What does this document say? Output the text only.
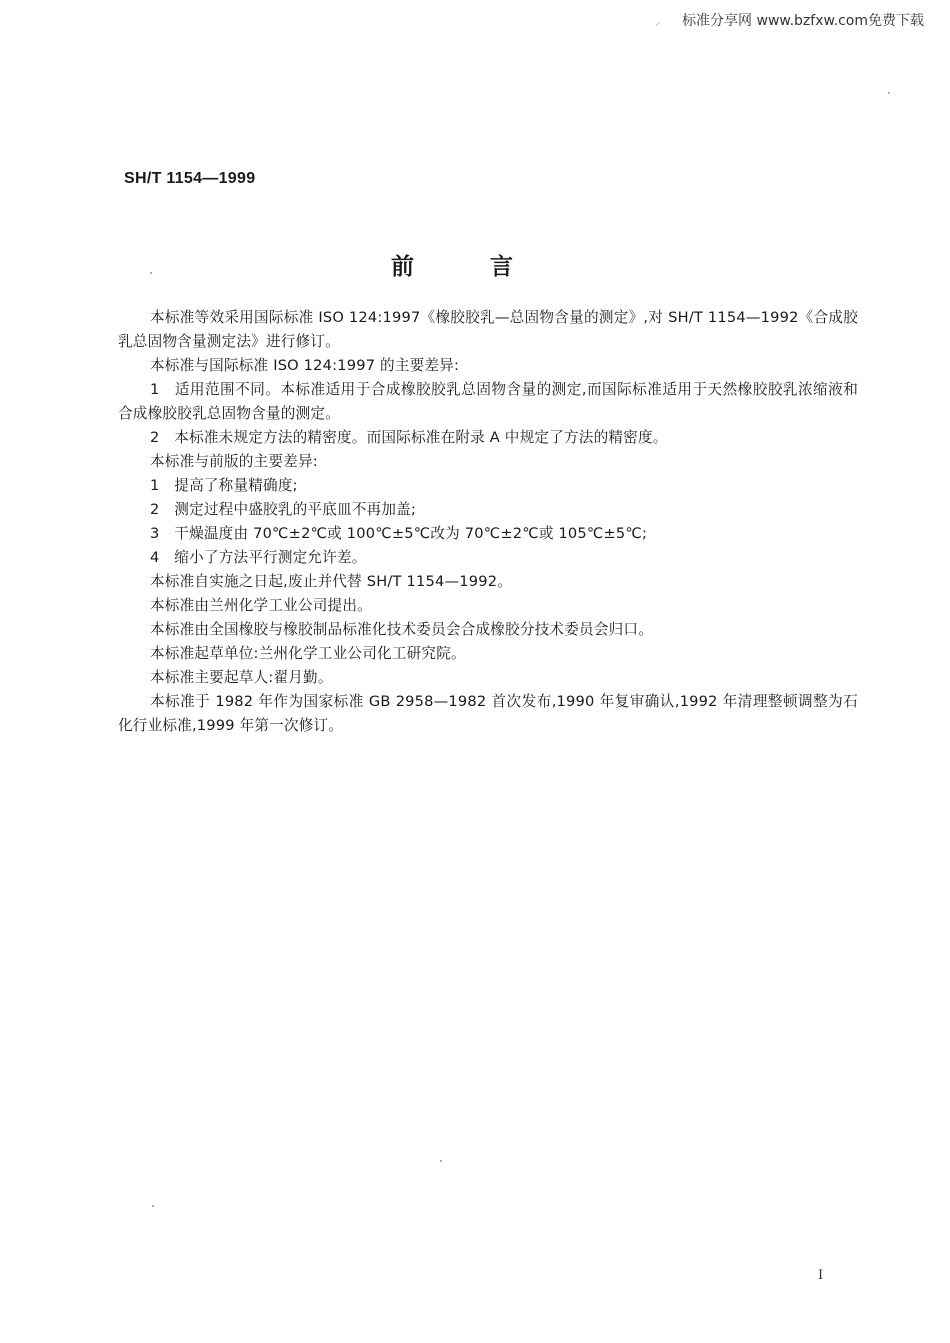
⸝ 标准分享网 www.bzfxw.com免费下载
SH/T 1154—1999
前言

本标准等效采用国际标准 ISO 124:1997《橡胶胶乳—总固物含量的测定》,对 SH/T 1154—1992《合成胶乳总固物含量测定法》进行修订。

本标准与国际标准 ISO 124:1997 的主要差异:

1　适用范围不同。本标准适用于合成橡胶胶乳总固物含量的测定,而国际标准适用于天然橡胶胶乳浓缩液和合成橡胶胶乳总固物含量的测定。

2　本标准未规定方法的精密度。而国际标准在附录 A 中规定了方法的精密度。

本标准与前版的主要差异:

1　提高了称量精确度;

2　测定过程中盛胶乳的平底皿不再加盖;

3　干燥温度由 70℃±2℃或 100℃±5℃改为 70℃±2℃或 105℃±5℃;

4　缩小了方法平行测定允许差。

本标准自实施之日起,废止并代替 SH/T 1154—1992。

本标准由兰州化学工业公司提出。

本标准由全国橡胶与橡胶制品标准化技术委员会合成橡胶分技术委员会归口。

本标准起草单位:兰州化学工业公司化工研究院。

本标准主要起草人:翟月勤。

本标准于 1982 年作为国家标准 GB 2958—1982 首次发布,1990 年复审确认,1992 年清理整顿调整为石化行业标准,1999 年第一次修订。

I
